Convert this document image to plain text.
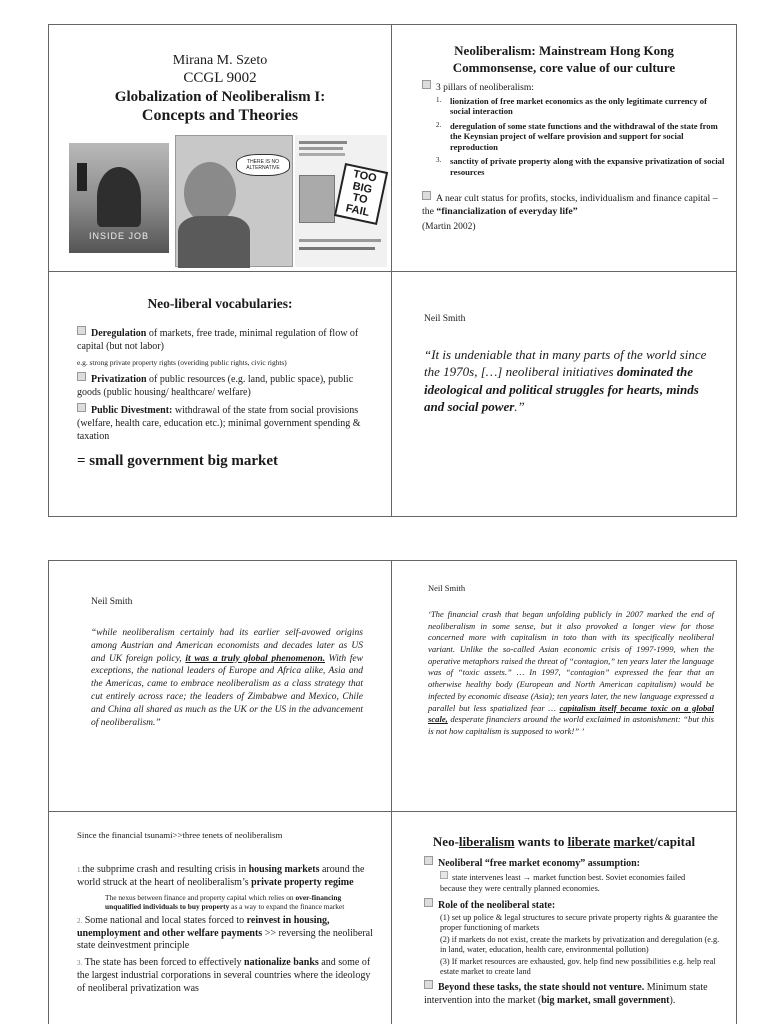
Mirana M. Szeto
CCGL 9002
Globalization of Neoliberalism I:
Concepts and Theories
INSIDE JOB
THERE IS NO ALTERNATIVE
TOO BIG TO FAIL
Neoliberalism: Mainstream Hong Kong
Commonsense, core value of our culture
3 pillars of neoliberalism:
1.	lionization of free market economics as the only legitimate currency of social interaction
2.	deregulation of some state functions and the withdrawal of the state from the Keynsian project of welfare provision and support for social reproduction
3.	sanctity of private property along with the expansive privatization of social resources
A near cult status for profits, stocks, individualism and finance capital – the “financialization of everyday life”
(Martin 2002)
Neo-liberal vocabularies:
Deregulation of markets, free trade, minimal regulation of flow of capital (but not labor)
e.g. strong private property rights (overiding public rights, civic rights)
Privatization of public resources (e.g. land, public space), public goods (public housing/ healthcare/ welfare)
Public Divestment: withdrawal of the state from social provisions (welfare, health care, education etc.); minimal government spending & taxation
= small government big market
Neil Smith
“It is undeniable that in many parts of the world since the 1970s, […] neoliberal initiatives dominated the ideological and political struggles for hearts, minds and social power.”
Neil Smith
“while neoliberalism certainly had its earlier self-avowed origins among Austrian and American economists and decades later as US and UK foreign policy, it was a truly global phenomenon. With few exceptions, the national leaders of Europe and Africa alike, Asia and the Americas, came to embrace neoliberalism as a class strategy that cut entirely across race; the leaders of Zimbabwe and Mexico, Chile and China all shared as much as the UK or the US in the advancement of neoliberalism.”
Neil Smith
‘The financial crash that began unfolding publicly in 2007 marked the end of neoliberalism in some sense, but it also provoked a longer view for those concerned more with capitalism in toto than with its specifically neoliberal variant. Unlike the so-called Asian economic crisis of 1997-1999, when the operative metaphors raised the threat of “contagion,” ten years later the language was of “toxic assets.” … In 1997, “contagion” expressed the fear that an otherwise healthy body (European and North American capitalism) would be infected by economic disease (Asia); ten years later, the new language expressed a parallel but less spatialized fear … capitalism itself became toxic on a global scale, desperate financiers around the world exclaimed in astonishment: “but this is not how capitalism is supposed to work!” ’
Since the financial tsunami>>three tenets of neoliberalism
1.the subprime crash and resulting crisis in housing markets around the world struck at the heart of neoliberalism’s private property regime
The nexus between finance and property capital which relies on over-financing unqualified individuals to buy property as a way to expand the finance market
2. Some national and local states forced to reinvest in housing, unemployment and other welfare payments >> reversing the neoliberal state deinvestment principle
3. The state has been forced to effectively nationalize banks and some of the largest industrial corporations in several countries where the ideology of neoliberal privatization was
Neo-liberalism wants to liberate market/capital
Neoliberal “free market economy” assumption:
state intervenes least → market function best. Soviet economies failed because they were centrally planned economies.
Role of the neoliberal state:
(1) set up police & legal structures to secure private property rights & guarantee the proper functioning of markets
(2) if markets do not exist, create the markets by privatization and deregulation (e.g. in land, water, education, health care, environmental pollution)
(3) If market resources are exhausted, gov. help find new possibilities e.g. help real estate market to create land
Beyond these tasks, the state should not venture. Minimum state intervention into the market (big market, small government).
